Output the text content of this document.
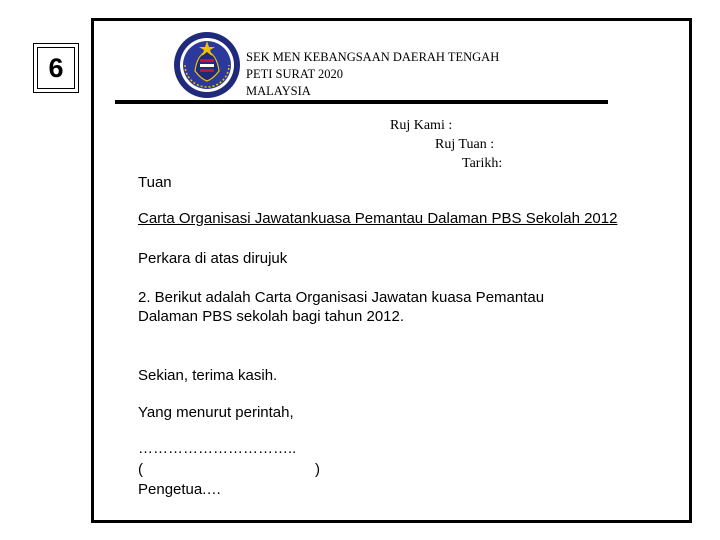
6	SEK MEN KEBANGSAAN DAERAH TENGAH
PETI SURAT 2020
MALAYSIA
Ruj Kami :
Ruj Tuan :
Tarikh:
Tuan
Carta Organisasi Jawatankuasa Pemantau Dalaman PBS Sekolah 2012
Perkara di atas dirujuk
2. Berikut adalah Carta Organisasi Jawatan kuasa Pemantau
Dalaman PBS sekolah bagi tahun 2012.
Sekian, terima kasih.
Yang menurut perintah,
…………………………..
(	)
Pengetua.…
